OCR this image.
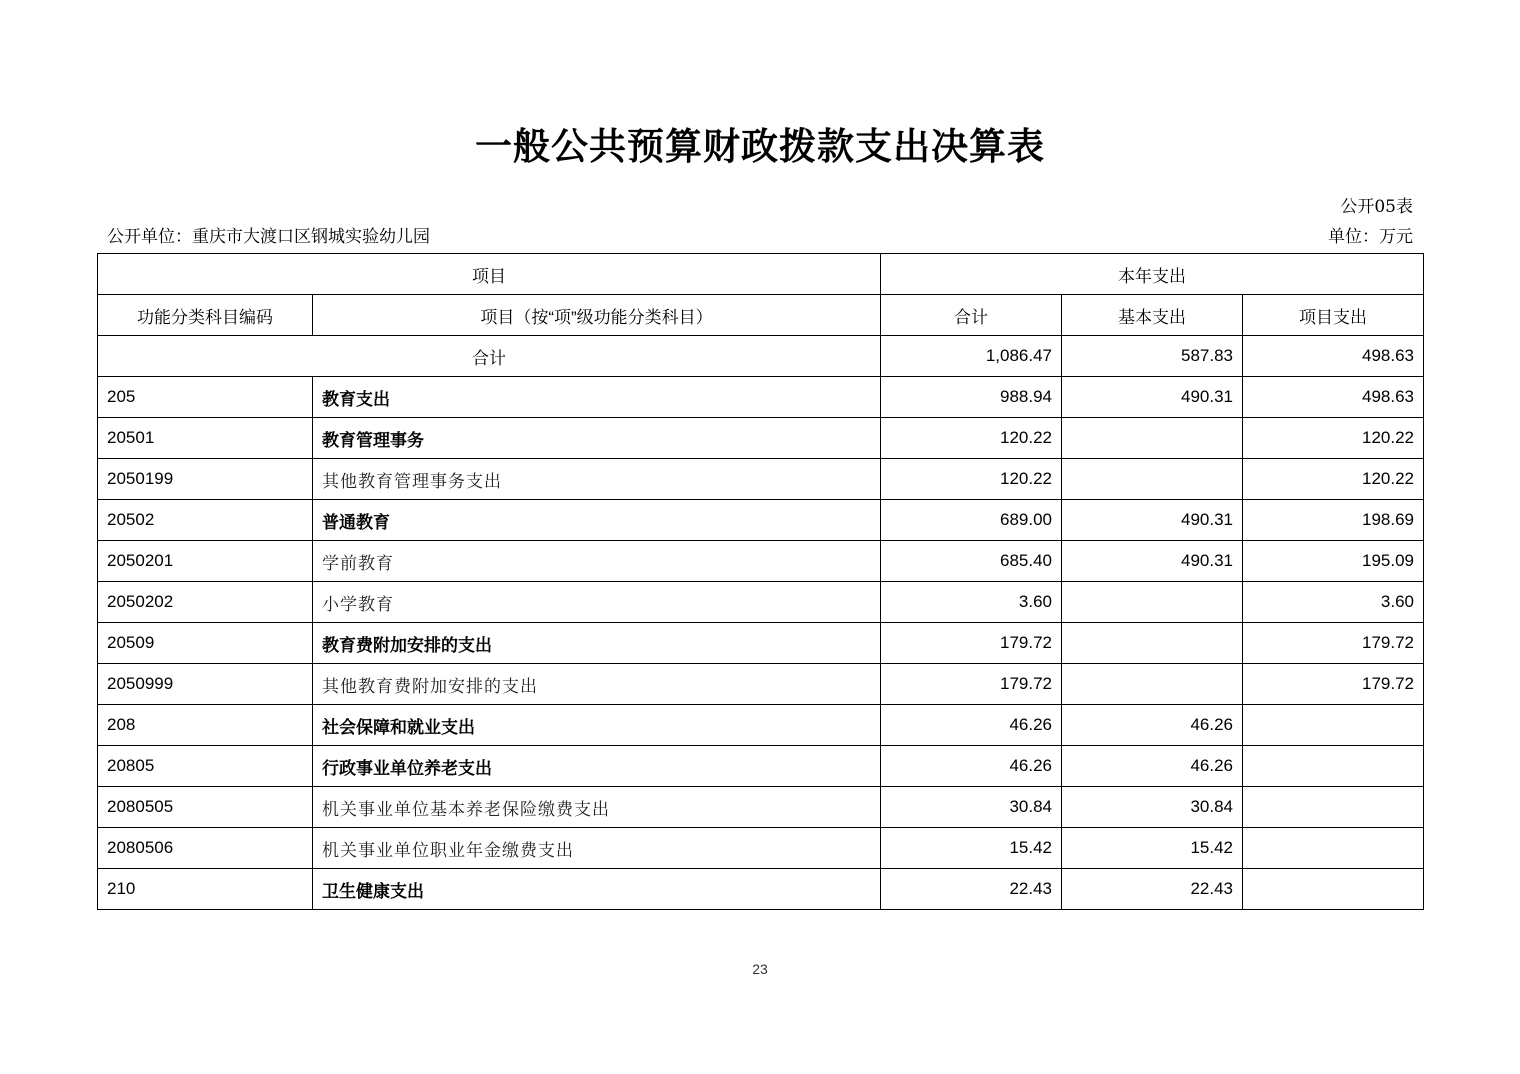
一般公共预算财政拨款支出决算表
公开05表
公开单位：重庆市大渡口区钢城实验幼儿园	单位：万元
项目		本年支出		
功能分类科目编码	项目（按“项”级功能分类科目）	合计	基本支出	项目支出
合计		1,086.47	587.83	498.63
205	教育支出	988.94	490.31	498.63
20501	教育管理事务	120.22		120.22
2050199	其他教育管理事务支出	120.22		120.22
20502	普通教育	689.00	490.31	198.69
2050201	学前教育	685.40	490.31	195.09
2050202	小学教育	3.60		3.60
20509	教育费附加安排的支出	179.72		179.72
2050999	其他教育费附加安排的支出	179.72		179.72
208	社会保障和就业支出	46.26	46.26	
20805	行政事业单位养老支出	46.26	46.26	
2080505	机关事业单位基本养老保险缴费支出	30.84	30.84	
2080506	机关事业单位职业年金缴费支出	15.42	15.42	
210	卫生健康支出	22.43	22.43	
23
